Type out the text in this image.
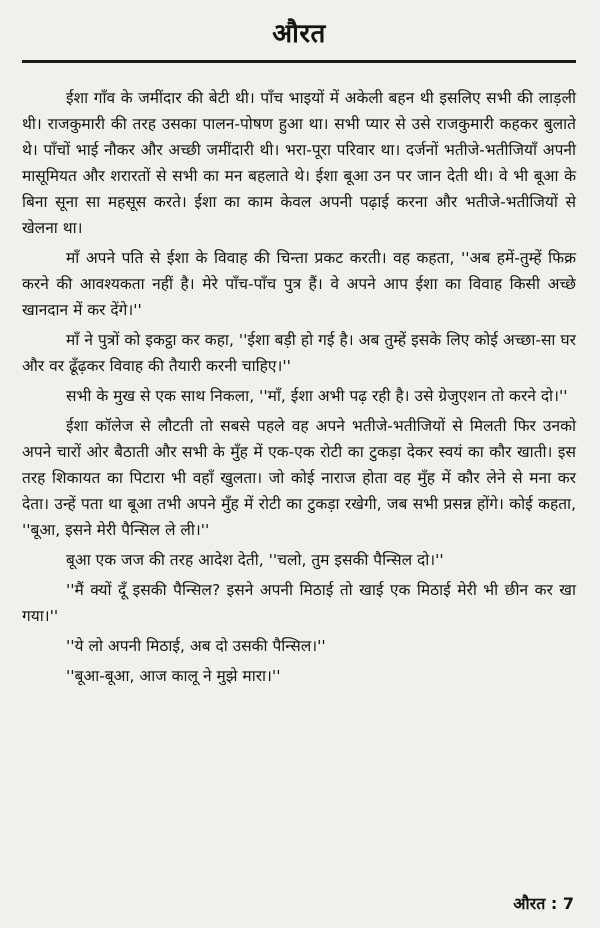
औरत

ईशा गाँव के जमींदार की बेटी थी। पाँच भाइयों में अकेली बहन थी इसलिए सभी की लाड़ली थी। राजकुमारी की तरह उसका पालन-पोषण हुआ था। सभी प्यार से उसे राजकुमारी कहकर बुलाते थे। पाँचों भाई नौकर और अच्छी जमींदारी थी। भरा-पूरा परिवार था। दर्जनों भतीजे-भतीजियाँ अपनी मासूमियत और शरारतों से सभी का मन बहलाते थे। ईशा बूआ उन पर जान देती थी। वे भी बूआ के बिना सूना सा महसूस करते। ईशा का काम केवल अपनी पढ़ाई करना और भतीजे-भतीजियों से खेलना था।

माँ अपने पति से ईशा के विवाह की चिन्ता प्रकट करती। वह कहता, ''अब हमें-तुम्हें फिक्र करने की आवश्यकता नहीं है। मेरे पाँच-पाँच पुत्र हैं। वे अपने आप ईशा का विवाह किसी अच्छे खानदान में कर देंगे।''

माँ ने पुत्रों को इकट्ठा कर कहा, ''ईशा बड़ी हो गई है। अब तुम्हें इसके लिए कोई अच्छा-सा घर और वर ढूँढ़कर विवाह की तैयारी करनी चाहिए।''

सभी के मुख से एक साथ निकला, ''माँ, ईशा अभी पढ़ रही है। उसे ग्रेजुएशन तो करने दो।''

ईशा कॉलेज से लौटती तो सबसे पहले वह अपने भतीजे-भतीजियों से मिलती फिर उनको अपने चारों ओर बैठाती और सभी के मुँह में एक-एक रोटी का टुकड़ा देकर स्वयं का कौर खाती। इस तरह शिकायत का पिटारा भी वहाँ खुलता। जो कोई नाराज होता वह मुँह में कौर लेने से मना कर देता। उन्हें पता था बूआ तभी अपने मुँह में रोटी का टुकड़ा रखेगी, जब सभी प्रसन्न होंगे। कोई कहता, ''बूआ, इसने मेरी पैन्सिल ले ली।''

बूआ एक जज की तरह आदेश देती, ''चलो, तुम इसकी पैन्सिल दो।''

''मैं क्यों दूँ इसकी पैन्सिल? इसने अपनी मिठाई तो खाई एक मिठाई मेरी भी छीन कर खा गया।''

''ये लो अपनी मिठाई, अब दो उसकी पैन्सिल।''

''बूआ-बूआ, आज कालू ने मुझे मारा।''

औरत : 7
